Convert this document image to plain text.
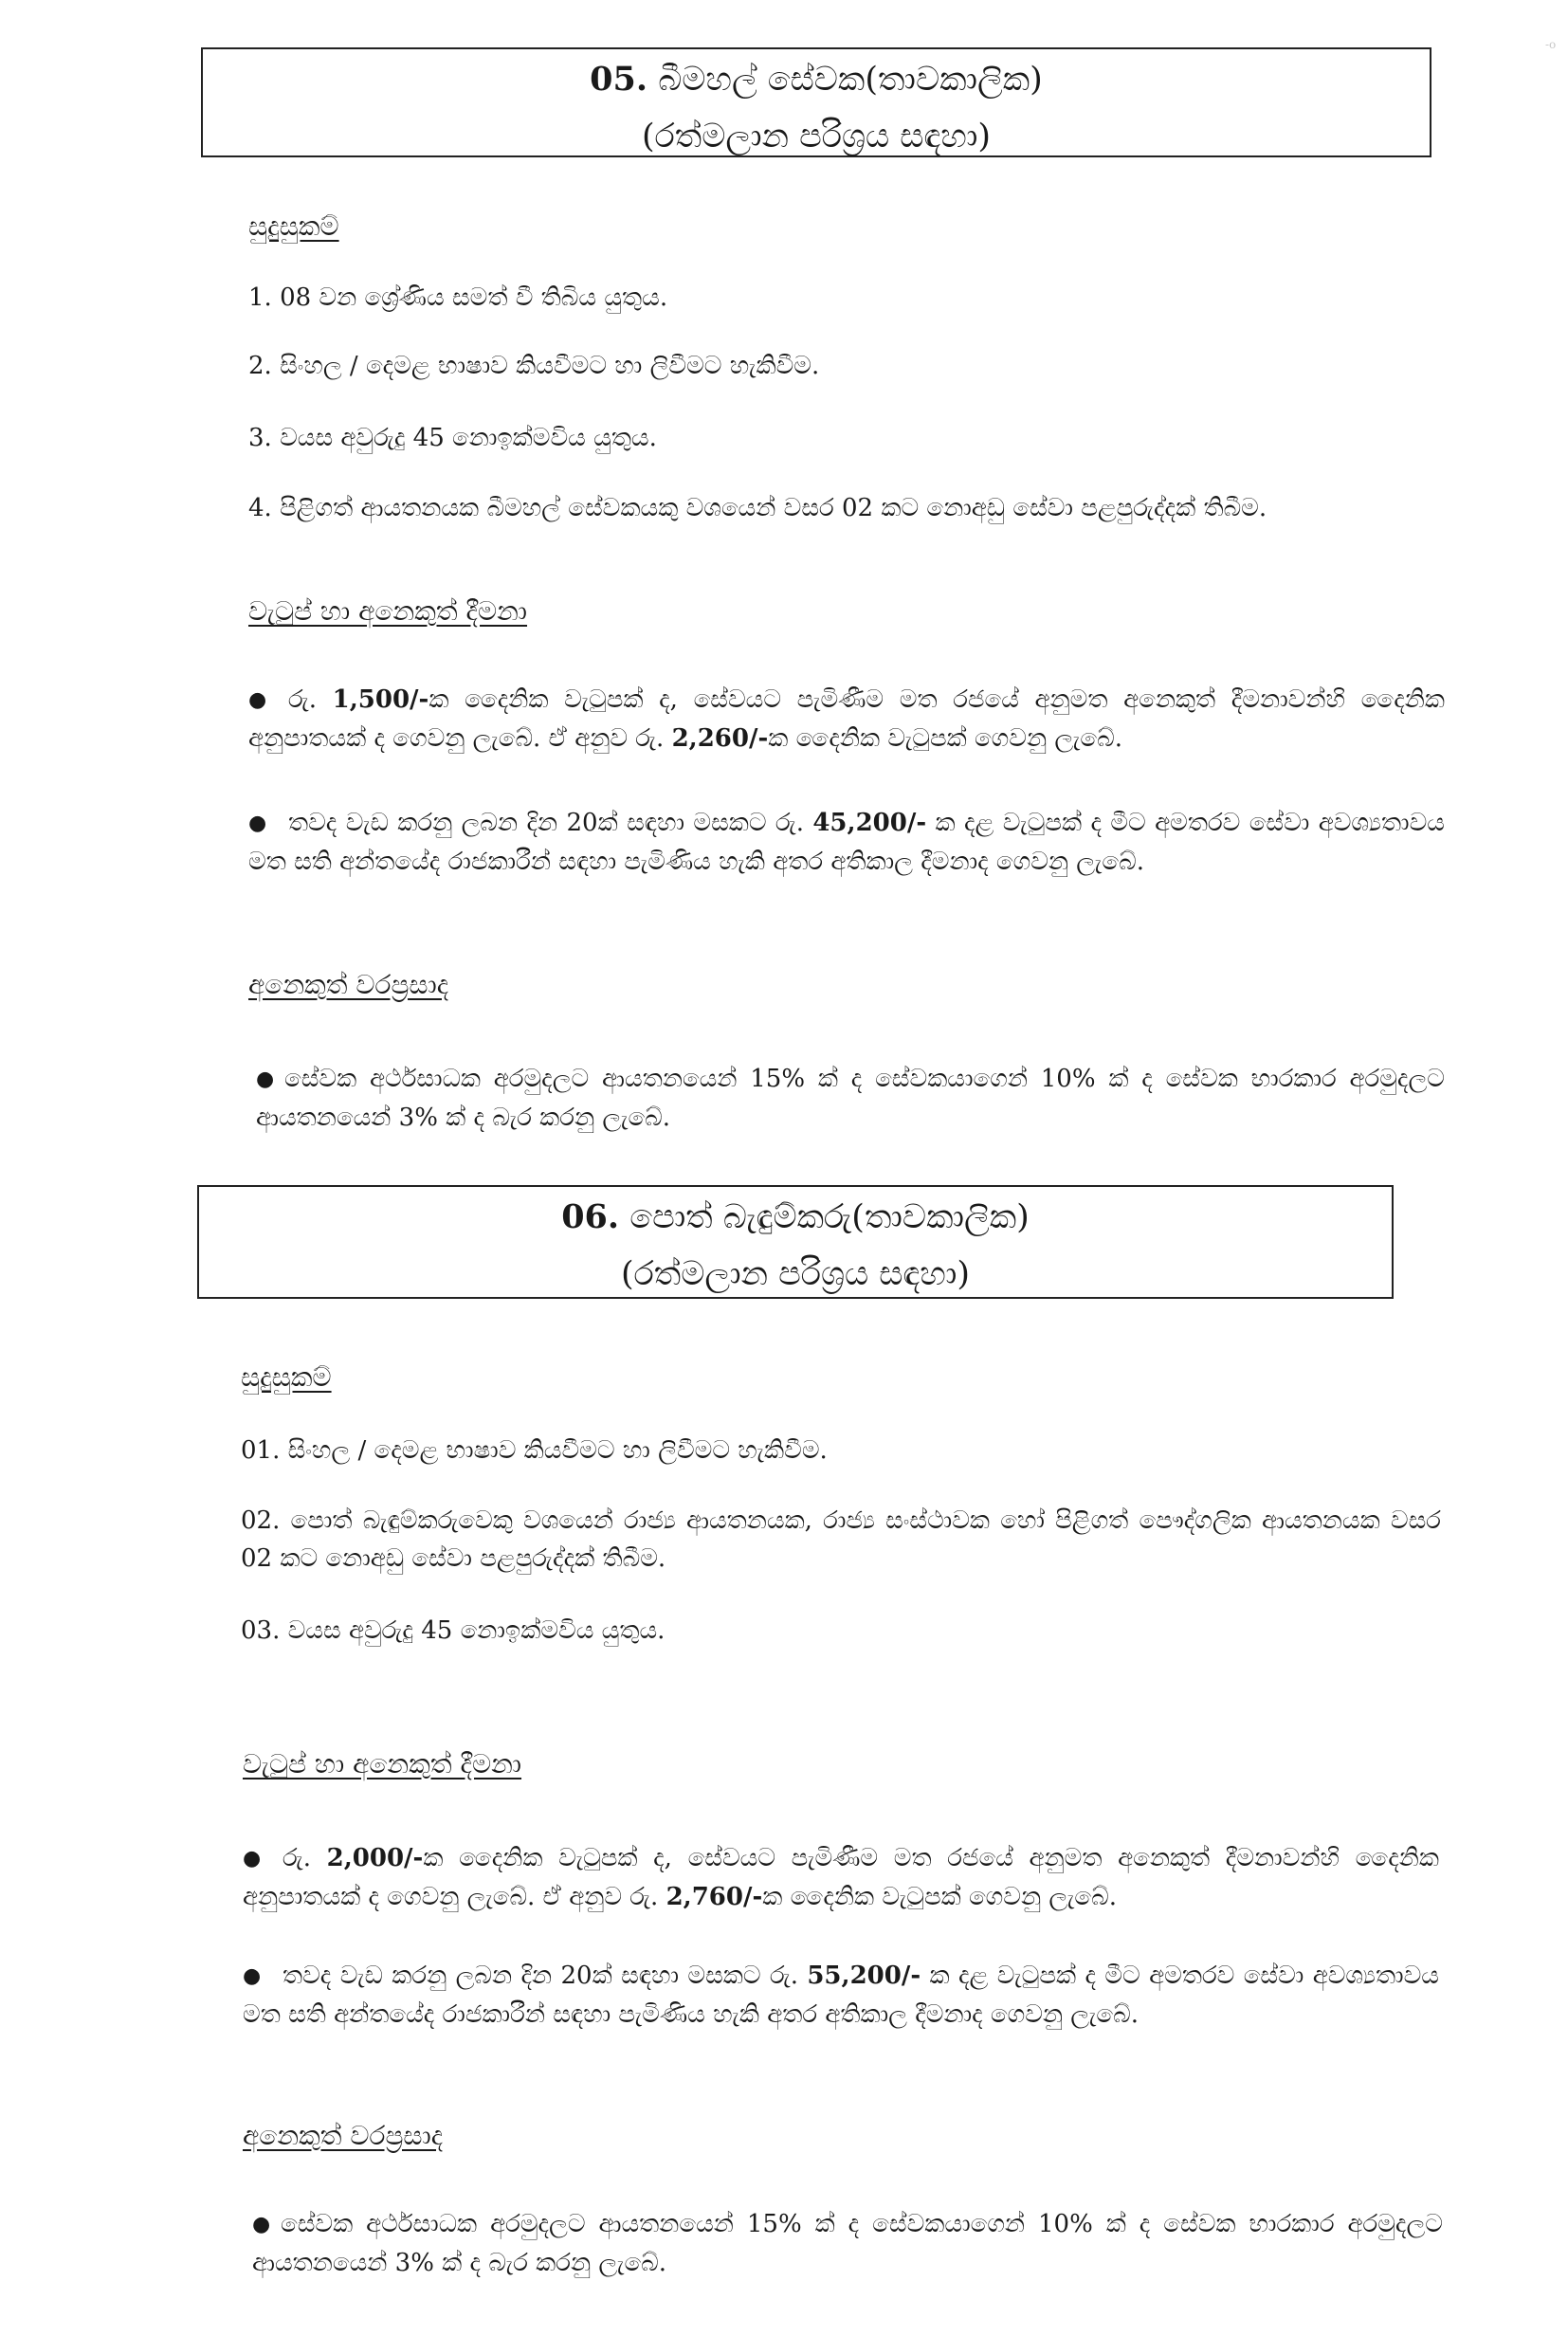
-o
05. බීමහල් සේවක(තාවකාලික)
(රත්මලාන පරිශ්‍රය සඳහා)
සුදුසුකම්
1. 08 වන ශ්‍රේණිය සමත් වී තිබිය යුතුය.
2. සිංහල / දෙමළ භාෂාව කියවීමට හා ලිවීමට හැකිවීම.
3. වයස අවුරුදු 45 නොඉක්මවිය යුතුය.
4. පිළිගත් ආයතනයක බීමහල් සේවකයකු වශයෙන් වසර 02 කට නොඅඩු සේවා පළපුරුද්දක් තිබීම.
වැටුප් හා අනෙකුත් දීමනා
● රු. 1,500/-ක දෛනික වැටුපක් ද, සේවයට පැමිණීම මත රජයේ අනුමත අනෙකුත් දීමනාවන්හි දෛනික අනුපාතයක් ද ගෙවනු ලැබේ. ඒ අනුව රු. 2,260/-ක දෛනික වැටුපක් ගෙවනු ලැබේ.
● තවද වැඩ කරනු ලබන දින 20ක් සඳහා මසකට රු. 45,200/- ක දළ වැටුපක් ද මීට අමතරව සේවා අවශ්‍යතාවය මත සති අන්තයේද රාජකාරීන් සඳහා පැමිණිය හැකි අතර අතිකාල දීමනාද ගෙවනු ලැබේ.
අනෙකුත් වරප්‍රසාද
● සේවක අර්ථසාධක අරමුදලට ආයතනයෙන් 15% ක් ද සේවකයාගෙන් 10% ක් ද සේවක භාරකාර අරමුදලට ආයතනයෙන් 3% ක් ද බැර කරනු ලැබේ.
06. පොත් බැඳුම්කරු(තාවකාලික)
(රත්මලාන පරිශ්‍රය සඳහා)
සුදුසුකම්
01. සිංහල / දෙමළ භාෂාව කියවීමට හා ලිවීමට හැකිවීම.
02. පොත් බැඳුම්කරුවෙකු වශයෙන් රාජ්‍ය ආයතනයක, රාජ්‍ය සංස්ථාවක හෝ පිළිගත් පෞද්ගලික ආයතනයක වසර 02 කට නොඅඩු සේවා පළපුරුද්දක් තිබීම.
03. වයස අවුරුදු 45 නොඉක්මවිය යුතුය.
වැටුප් හා අනෙකුත් දීමනා
● රු. 2,000/-ක දෛනික වැටුපක් ද, සේවයට පැමිණීම මත රජයේ අනුමත අනෙකුත් දීමනාවන්හි දෛනික අනුපාතයක් ද ගෙවනු ලැබේ. ඒ අනුව රු. 2,760/-ක දෛනික වැටුපක් ගෙවනු ලැබේ.
● තවද වැඩ කරනු ලබන දින 20ක් සඳහා මසකට රු. 55,200/- ක දළ වැටුපක් ද මීට අමතරව සේවා අවශ්‍යතාවය මත සති අන්තයේද රාජකාරීන් සඳහා පැමිණිය හැකි අතර අතිකාල දීමනාද ගෙවනු ලැබේ.
අනෙකුත් වරප්‍රසාද
● සේවක අර්ථසාධක අරමුදලට ආයතනයෙන් 15% ක් ද සේවකයාගෙන් 10% ක් ද සේවක භාරකාර අරමුදලට ආයතනයෙන් 3% ක් ද බැර කරනු ලැබේ.
